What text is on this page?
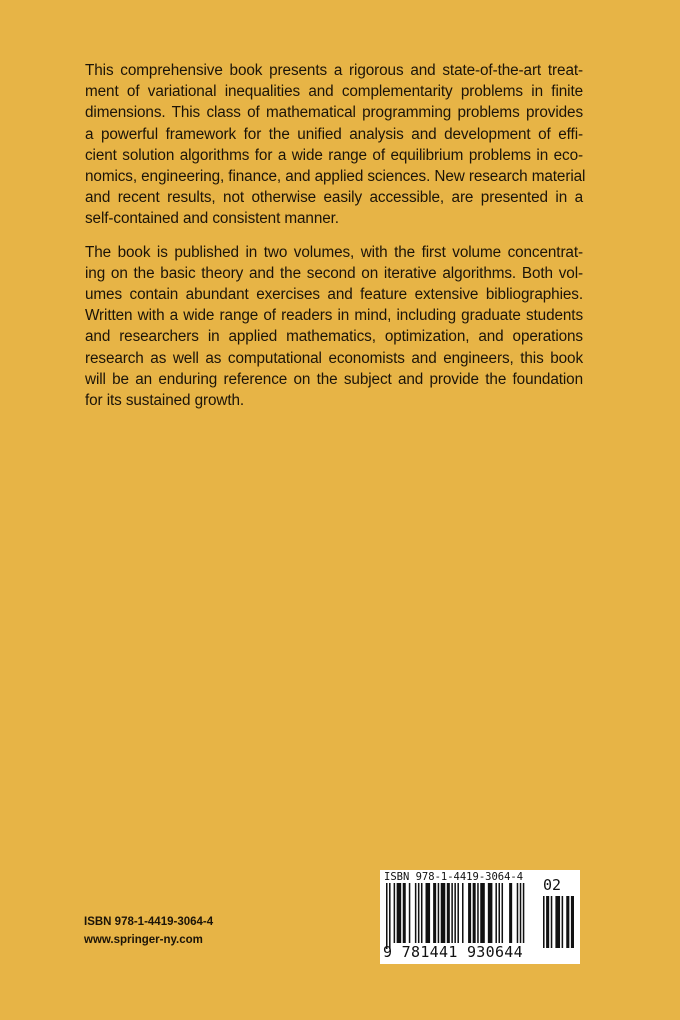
This comprehensive book presents a rigorous and state-of-the-art treat-
ment of variational inequalities and complementarity problems in finite
dimensions. This class of mathematical programming problems provides
a powerful framework for the unified analysis and development of effi-
cient solution algorithms for a wide range of equilibrium problems in eco-
nomics, engineering, finance, and applied sciences. New research material
and recent results, not otherwise easily accessible, are presented in a
self-contained and consistent manner.

The book is published in two volumes, with the first volume concentrat-
ing on the basic theory and the second on iterative algorithms. Both vol-
umes contain abundant exercises and feature extensive bibliographies.
Written with a wide range of readers in mind, including graduate students
and researchers in applied mathematics, optimization, and operations
research as well as computational economists and engineers, this book
will be an enduring reference on the subject and provide the foundation
for its sustained growth.

ISBN 978-1-4419-3064-4
www.springer-ny.com
ISBN 978-1-4419-3064-4
9 781441 930644
02
